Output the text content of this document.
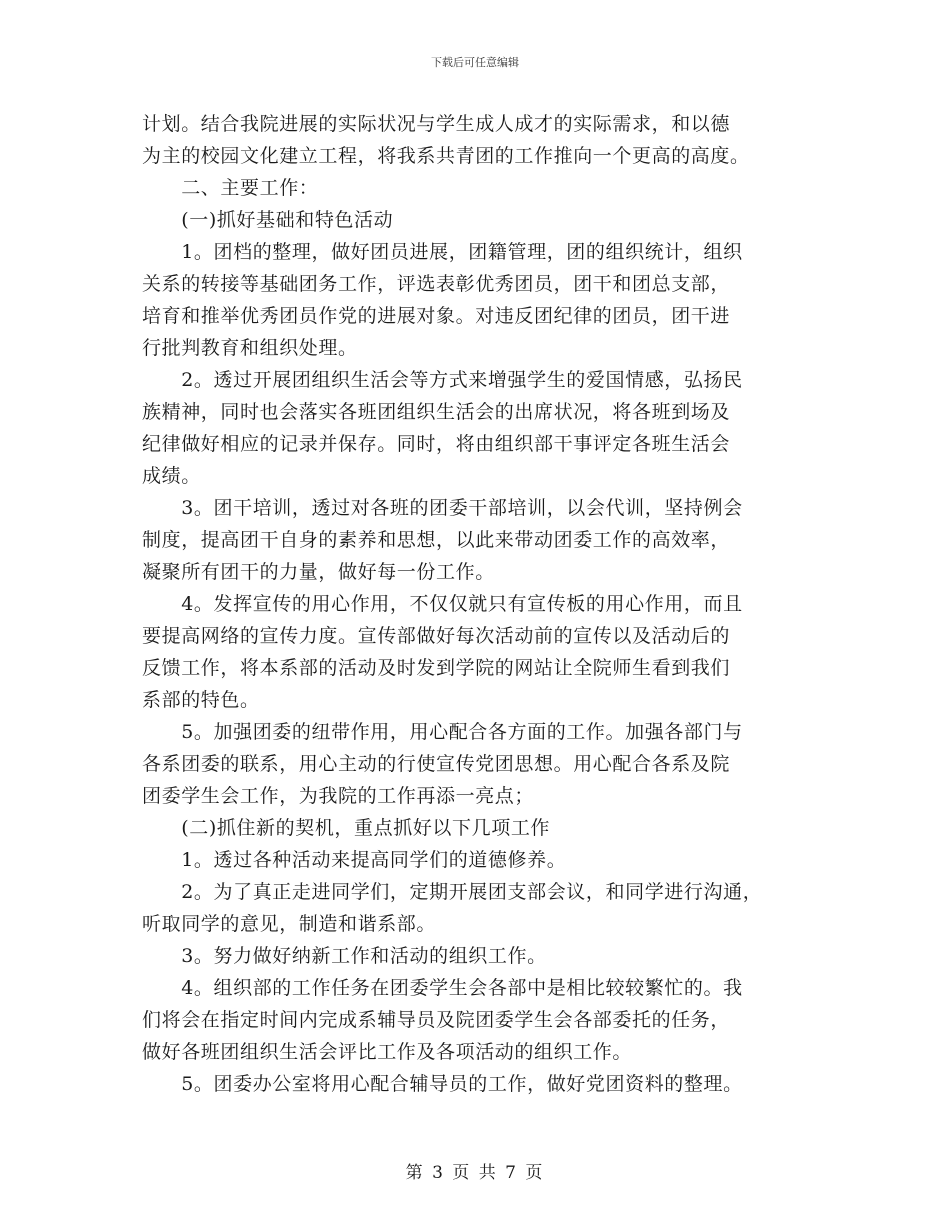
下载后可任意编辑
计划。结合我院进展的实际状况与学生成人成才的实际需求，和以德
为主的校园文化建立工程，将我系共青团的工作推向一个更高的高度。
　　二、主要工作：
　　(一)抓好基础和特色活动
　　1。团档的整理，做好团员进展，团籍管理，团的组织统计，组织
关系的转接等基础团务工作，评选表彰优秀团员，团干和团总支部，
培育和推举优秀团员作党的进展对象。对违反团纪律的团员，团干进
行批判教育和组织处理。
　　2。透过开展团组织生活会等方式来增强学生的爱国情感，弘扬民
族精神，同时也会落实各班团组织生活会的出席状况，将各班到场及
纪律做好相应的记录并保存。同时，将由组织部干事评定各班生活会
成绩。
　　3。团干培训，透过对各班的团委干部培训，以会代训，坚持例会
制度，提高团干自身的素养和思想，以此来带动团委工作的高效率，
凝聚所有团干的力量，做好每一份工作。
　　4。发挥宣传的用心作用，不仅仅就只有宣传板的用心作用，而且
要提高网络的宣传力度。宣传部做好每次活动前的宣传以及活动后的
反馈工作，将本系部的活动及时发到学院的网站让全院师生看到我们
系部的特色。
　　5。加强团委的纽带作用，用心配合各方面的工作。加强各部门与
各系团委的联系，用心主动的行使宣传党团思想。用心配合各系及院
团委学生会工作，为我院的工作再添一亮点；
　　(二)抓住新的契机，重点抓好以下几项工作
　　1。透过各种活动来提高同学们的道德修养。
　　2。为了真正走进同学们，定期开展团支部会议，和同学进行沟通，
听取同学的意见，制造和谐系部。
　　3。努力做好纳新工作和活动的组织工作。
　　4。组织部的工作任务在团委学生会各部中是相比较较繁忙的。我
们将会在指定时间内完成系辅导员及院团委学生会各部委托的任务，
做好各班团组织生活会评比工作及各项活动的组织工作。
　　5。团委办公室将用心配合辅导员的工作，做好党团资料的整理。
第 3 页 共 7 页
